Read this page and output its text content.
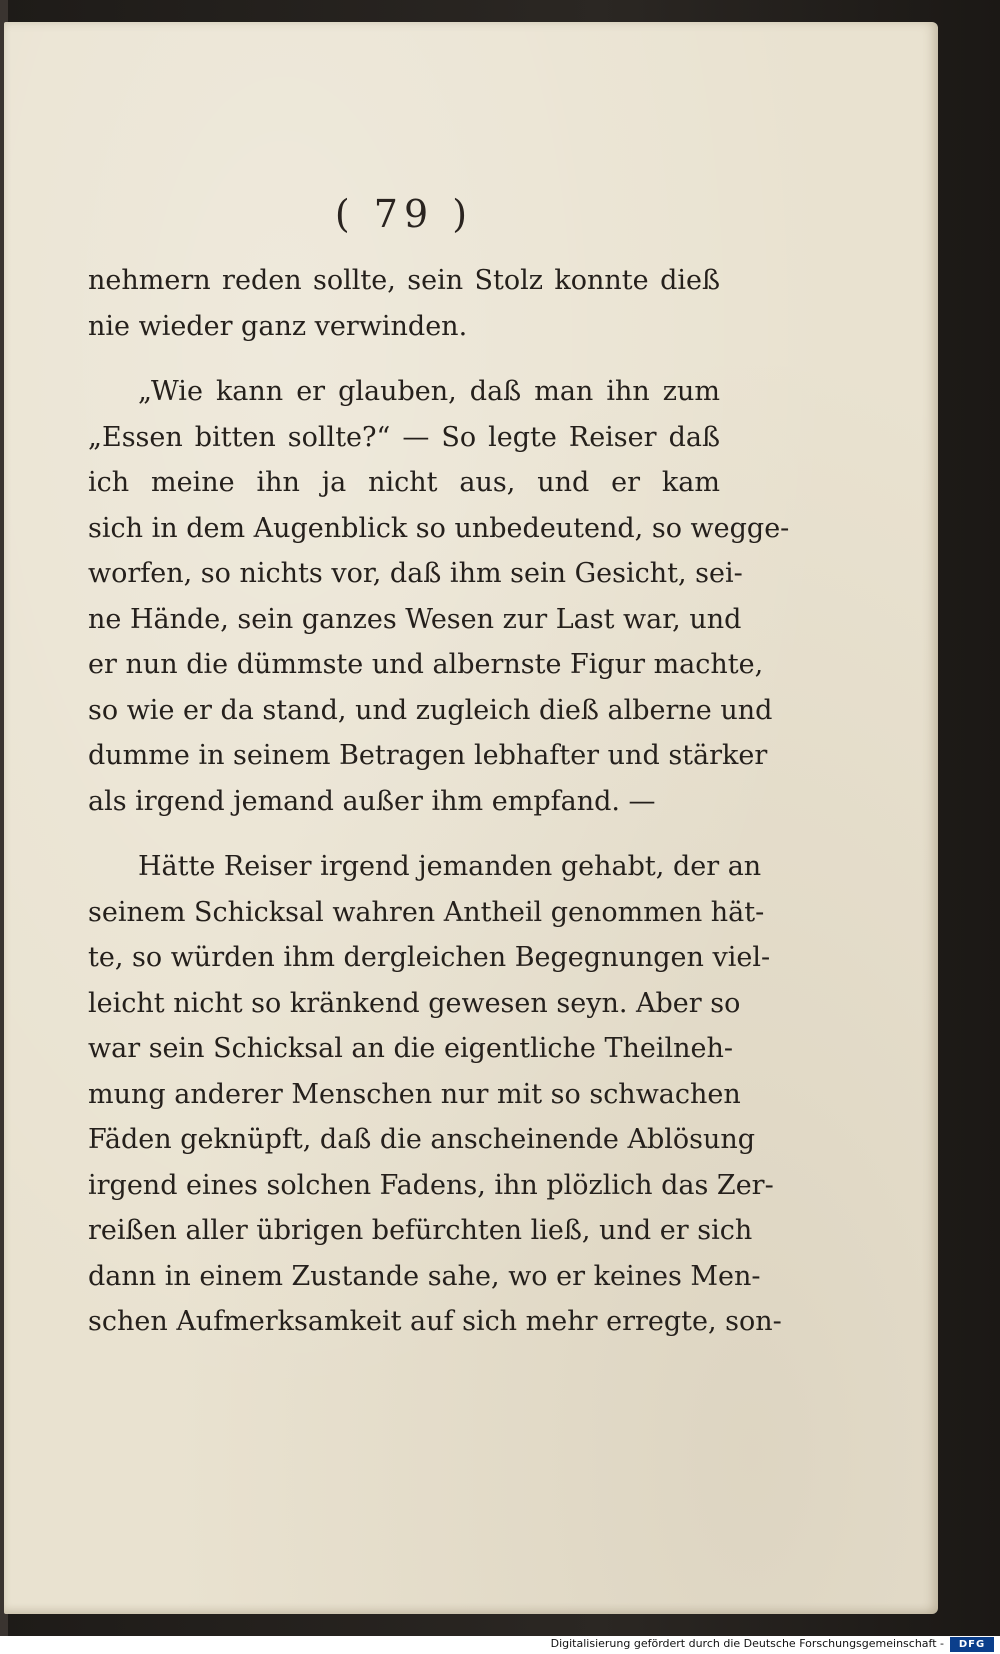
( 79 )
nehmern reden sollte, sein Stolz konnte dieß
nie wieder ganz verwinden.
„Wie kann er glauben, daß man ihn zum
„Essen bitten sollte?“ — So legte Reiser daß
ich meine ihn ja nicht aus, und er kam
sich in dem Augenblick so unbedeutend, so wegge-
worfen, so nichts vor, daß ihm sein Gesicht, sei-
ne Hände, sein ganzes Wesen zur Last war, und
er nun die dümmste und albernste Figur machte,
so wie er da stand, und zugleich dieß alberne und
dumme in seinem Betragen lebhafter und stärker
als irgend jemand außer ihm empfand. —
Hätte Reiser irgend jemanden gehabt, der an
seinem Schicksal wahren Antheil genommen hät-
te, so würden ihm dergleichen Begegnungen viel-
leicht nicht so kränkend gewesen seyn. Aber so
war sein Schicksal an die eigentliche Theilneh-
mung anderer Menschen nur mit so schwachen
Fäden geknüpft, daß die anscheinende Ablösung
irgend eines solchen Fadens, ihn plözlich das Zer-
reißen aller übrigen befürchten ließ, und er sich
dann in einem Zustande sahe, wo er keines Men-
schen Aufmerksamkeit auf sich mehr erregte, son-
Digitalisierung gefördert durch die Deutsche Forschungsgemeinschaft -	DFG
